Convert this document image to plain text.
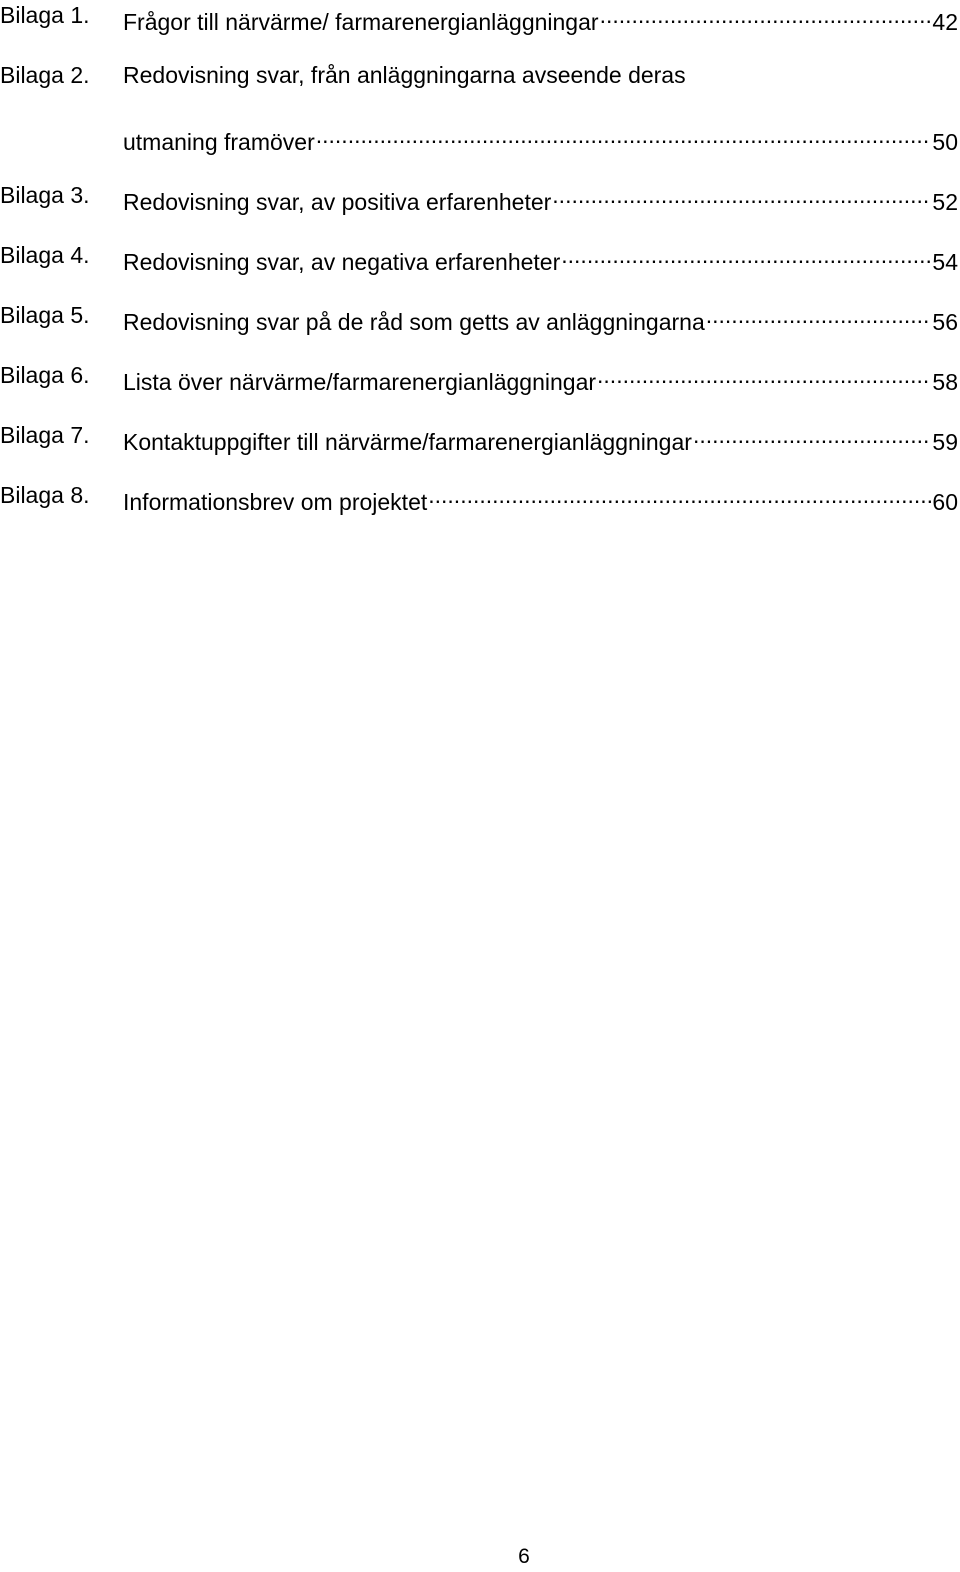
Bilaga 1. Frågor till närvärme/ farmarenergianläggningar .....	42
Bilaga 2. Redovisning svar, från anläggningarna avseende deras
utmaning framöver .....	50
Bilaga 3. Redovisning svar, av positiva erfarenheter .....	52
Bilaga 4. Redovisning svar, av negativa erfarenheter .....	54
Bilaga 5. Redovisning svar på de råd som getts av anläggningarna .....	56
Bilaga 6. Lista över närvärme/farmarenergianläggningar .....	58
Bilaga 7. Kontaktuppgifter till närvärme/farmarenergianläggningar .....	59
Bilaga 8. Informationsbrev om projektet .....	60
6
